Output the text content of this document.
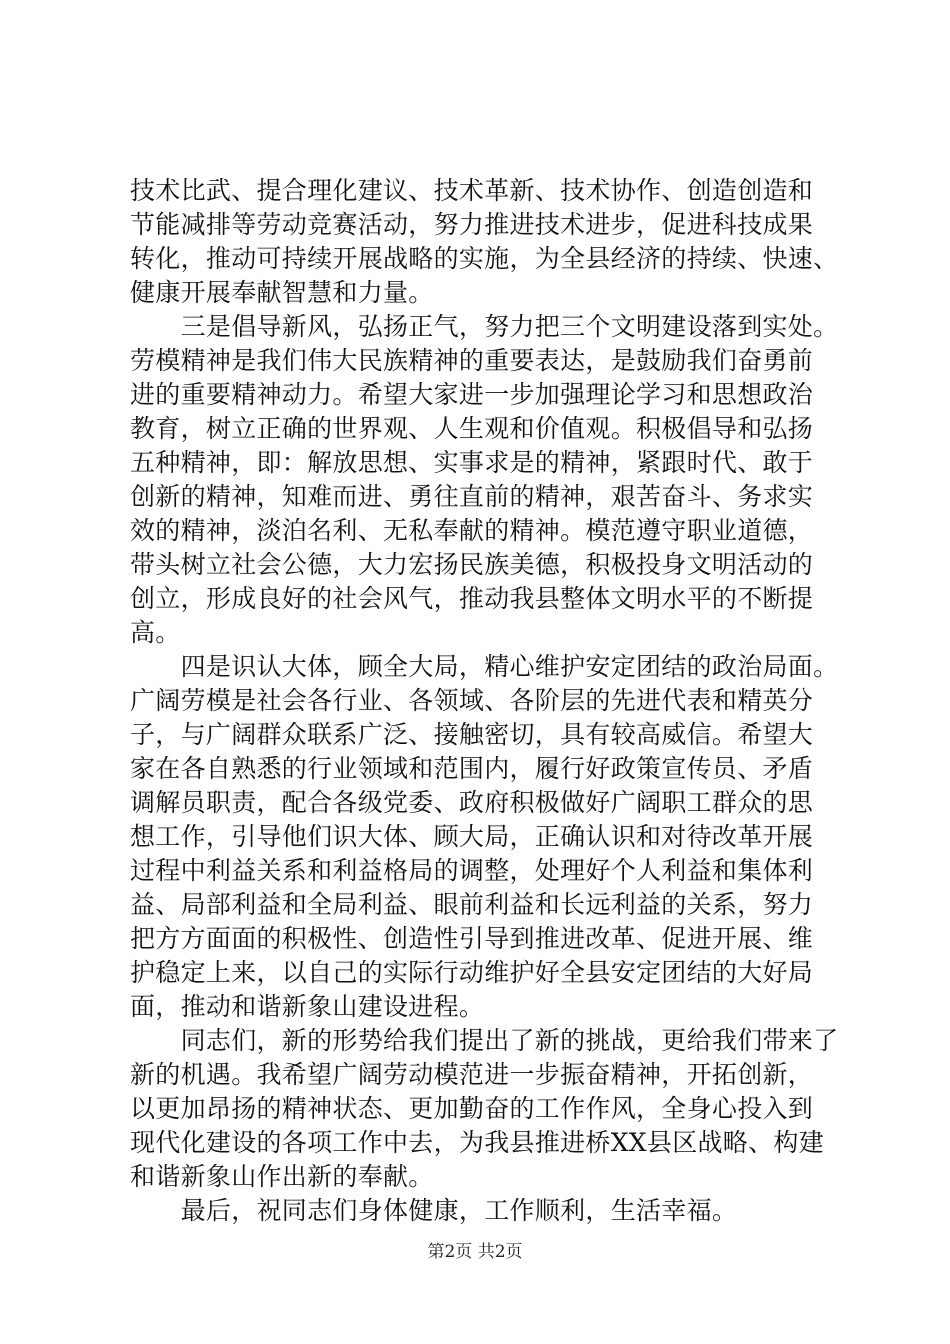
技术比武、提合理化建议、技术革新、技术协作、创造创造和
节能减排等劳动竞赛活动，努力推进技术进步，促进科技成果
转化，推动可持续开展战略的实施，为全县经济的持续、快速、
健康开展奉献智慧和力量。
　　三是倡导新风，弘扬正气，努力把三个文明建设落到实处。
劳模精神是我们伟大民族精神的重要表达，是鼓励我们奋勇前
进的重要精神动力。希望大家进一步加强理论学习和思想政治
教育，树立正确的世界观、人生观和价值观。积极倡导和弘扬
五种精神，即：解放思想、实事求是的精神，紧跟时代、敢于
创新的精神，知难而进、勇往直前的精神，艰苦奋斗、务求实
效的精神，淡泊名利、无私奉献的精神。模范遵守职业道德，
带头树立社会公德，大力宏扬民族美德，积极投身文明活动的
创立，形成良好的社会风气，推动我县整体文明水平的不断提
高。
　　四是识认大体，顾全大局，精心维护安定团结的政治局面。
广阔劳模是社会各行业、各领域、各阶层的先进代表和精英分
子，与广阔群众联系广泛、接触密切，具有较高威信。希望大
家在各自熟悉的行业领域和范围内，履行好政策宣传员、矛盾
调解员职责，配合各级党委、政府积极做好广阔职工群众的思
想工作，引导他们识大体、顾大局，正确认识和对待改革开展
过程中利益关系和利益格局的调整，处理好个人利益和集体利
益、局部利益和全局利益、眼前利益和长远利益的关系，努力
把方方面面的积极性、创造性引导到推进改革、促进开展、维
护稳定上来，以自己的实际行动维护好全县安定团结的大好局
面，推动和谐新象山建设进程。
　　同志们，新的形势给我们提出了新的挑战，更给我们带来了
新的机遇。我希望广阔劳动模范进一步振奋精神，开拓创新，
以更加昂扬的精神状态、更加勤奋的工作作风，全身心投入到
现代化建设的各项工作中去，为我县推进桥XX县区战略、构建
和谐新象山作出新的奉献。
　　最后，祝同志们身体健康，工作顺利，生活幸福。
第2页 共2页
